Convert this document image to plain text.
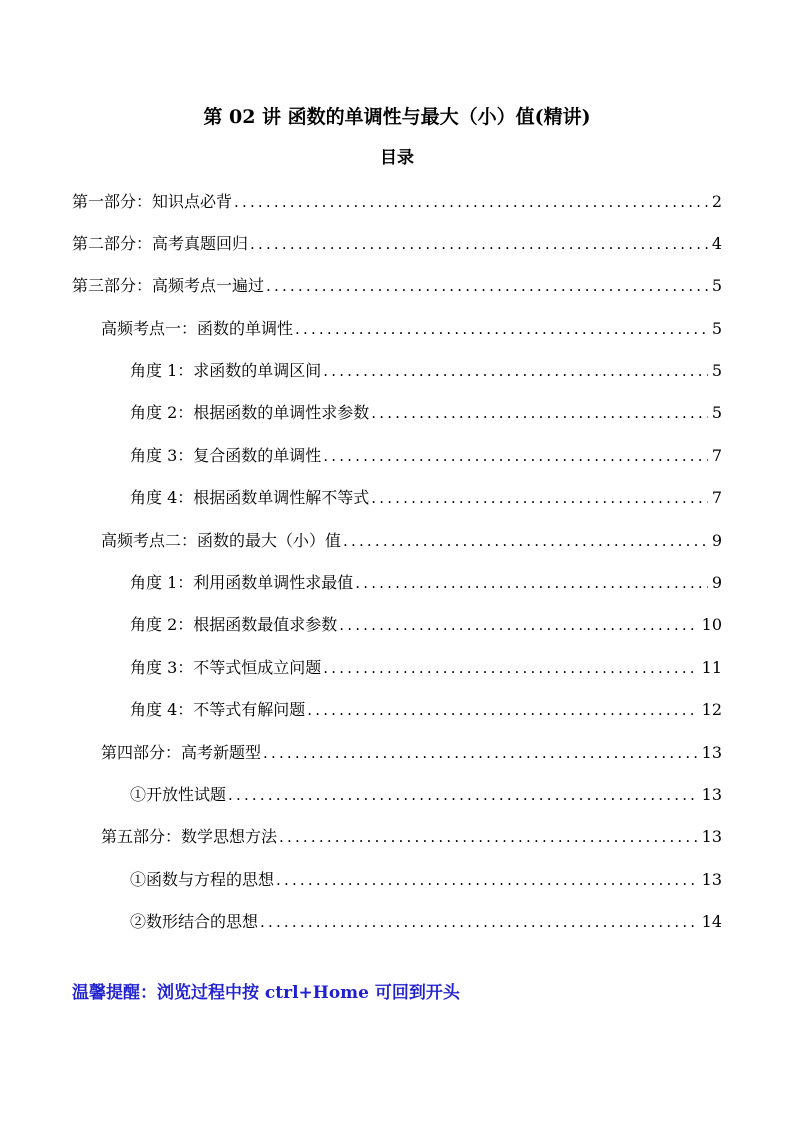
第 02 讲 函数的单调性与最大（小）值(精讲)
目录
第一部分：知识点必背 .....	2
第二部分：高考真题回归 .....	4
第三部分：高频考点一遍过 .....	5
高频考点一：函数的单调性 .....	5
角度 1：求函数的单调区间 .....	5
角度 2：根据函数的单调性求参数 .....	5
角度 3：复合函数的单调性 .....	7
角度 4：根据函数单调性解不等式 .....	7
高频考点二：函数的最大（小）值 .....	9
角度 1：利用函数单调性求最值 .....	9
角度 2：根据函数最值求参数 .....	10
角度 3：不等式恒成立问题 .....	11
角度 4：不等式有解问题 .....	12
第四部分：高考新题型 .....	13
①开放性试题 .....	13
第五部分：数学思想方法 .....	13
①函数与方程的思想 .....	13
②数形结合的思想 .....	14
温馨提醒：浏览过程中按 ctrl+Home 可回到开头
